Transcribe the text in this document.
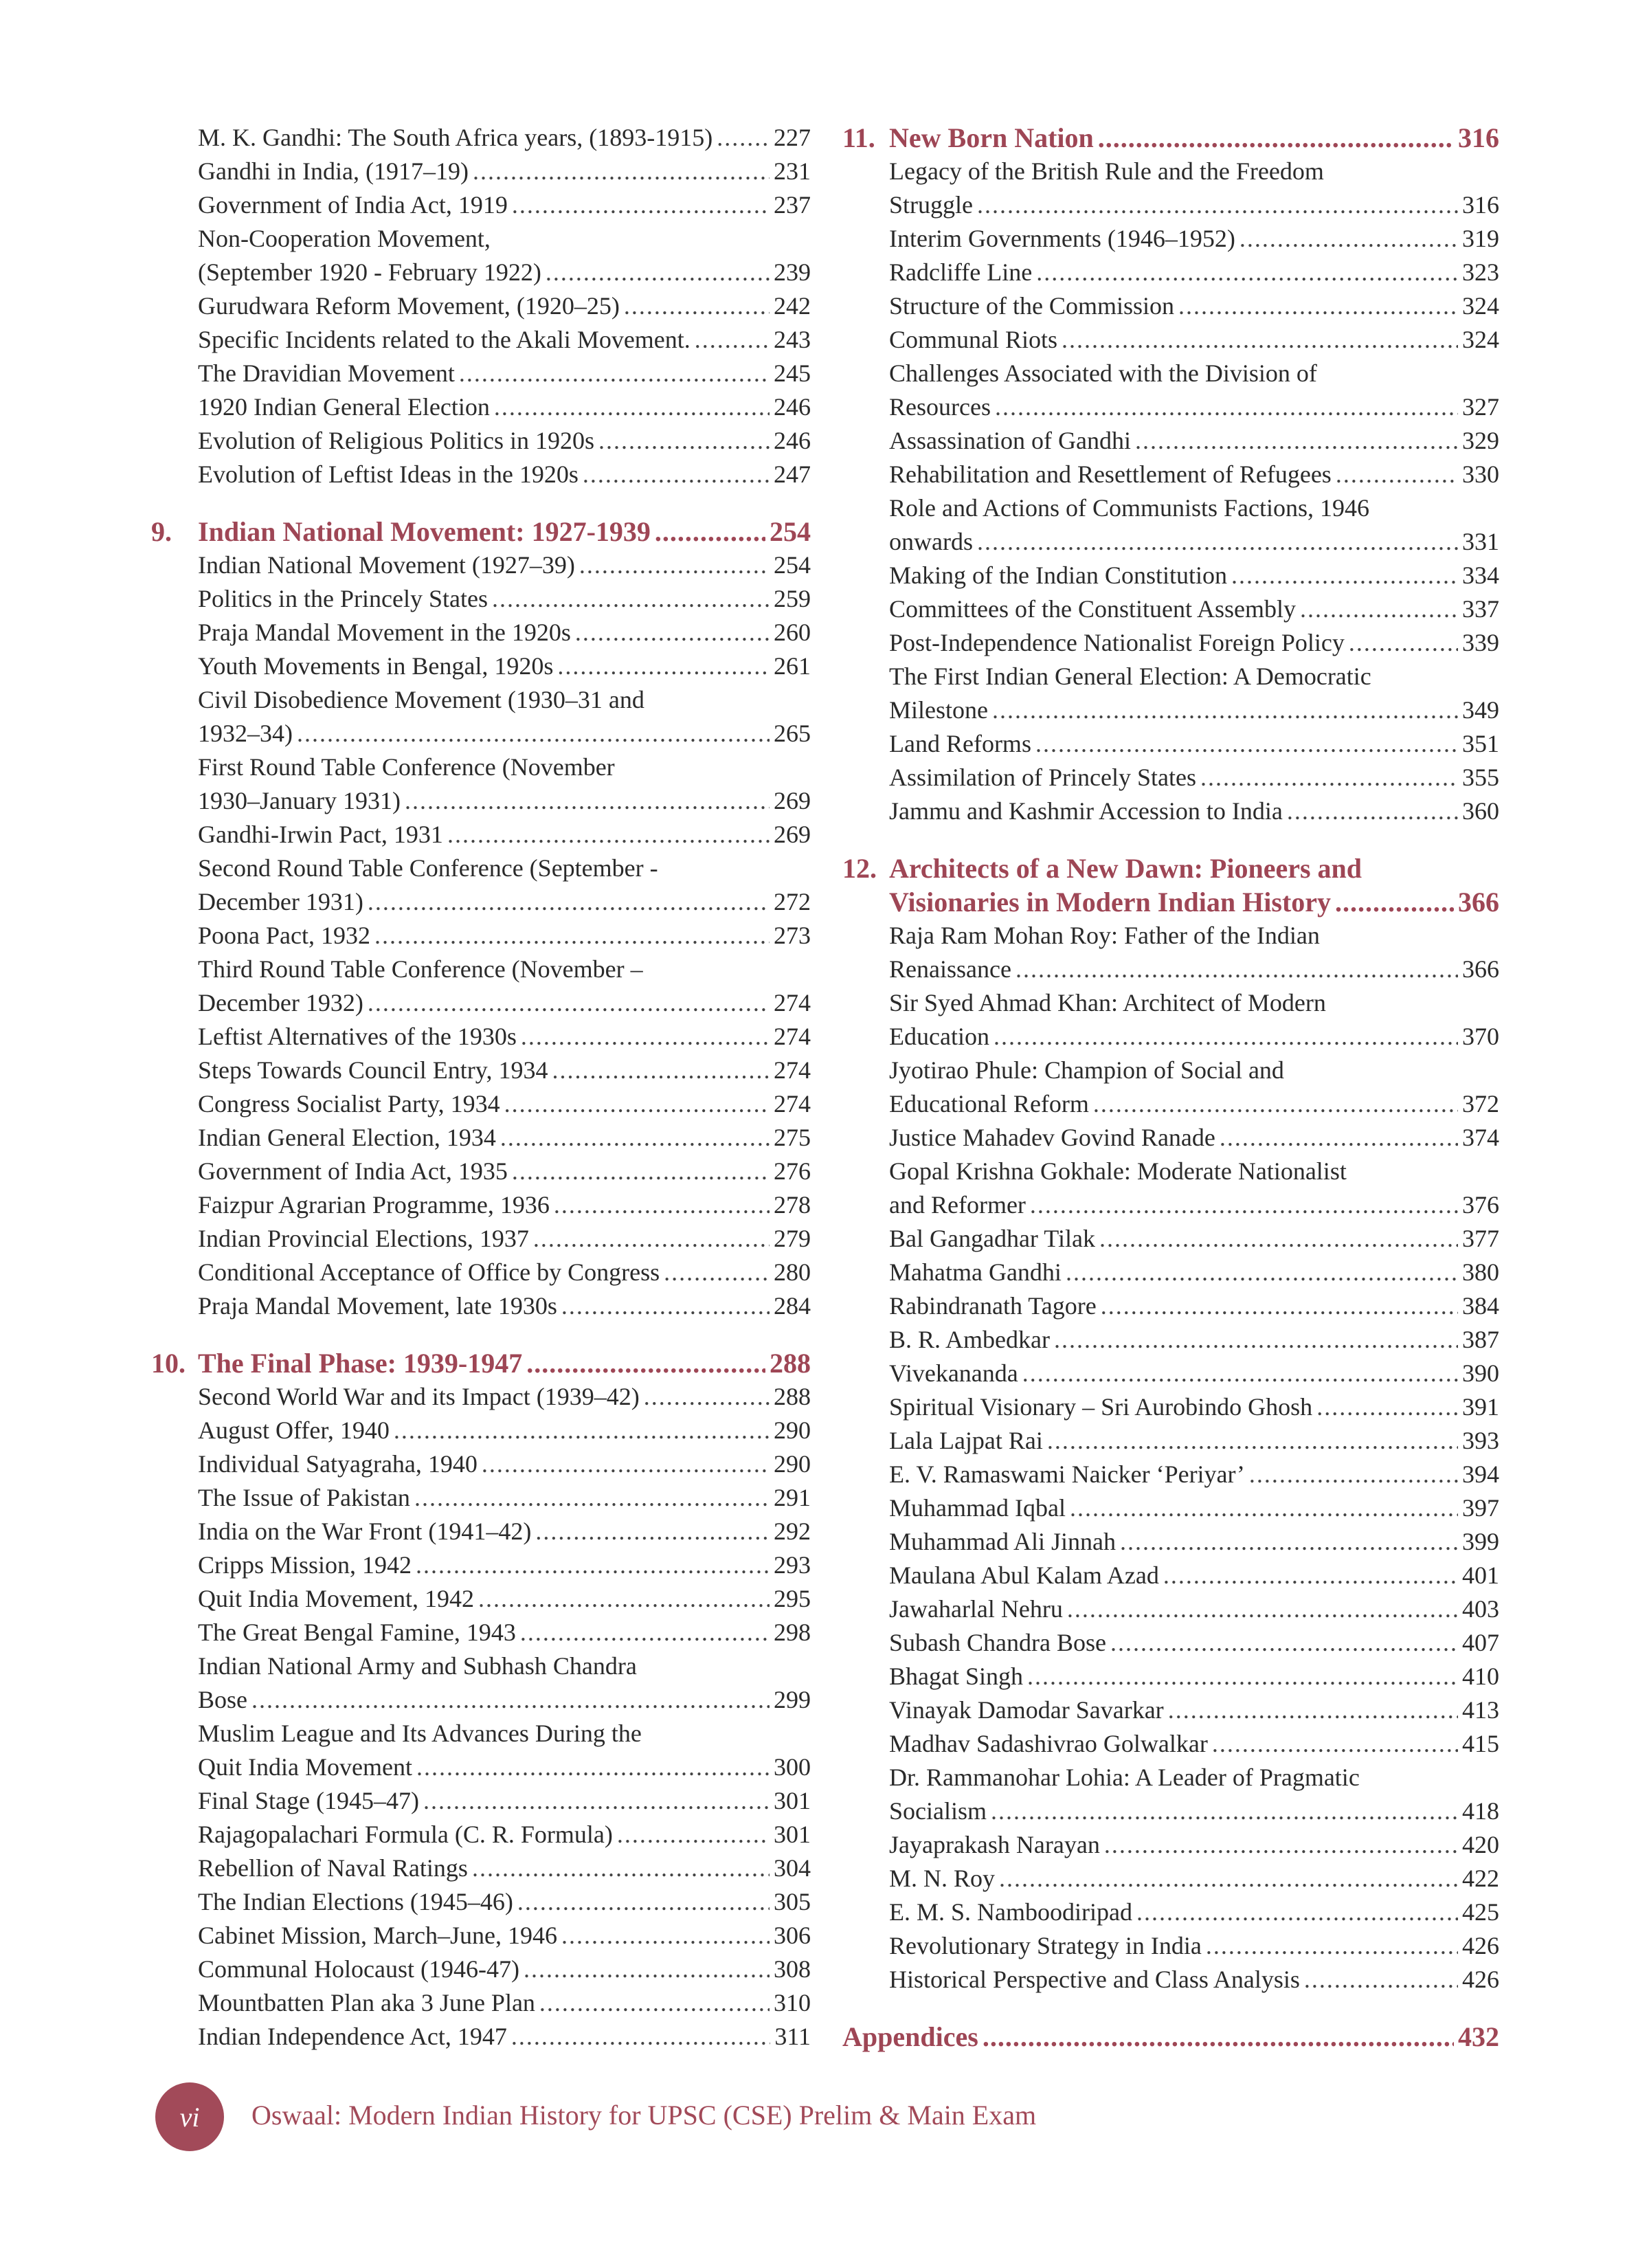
M. K. Gandhi: The South Africa years, (1893-1915) ..... 227
Gandhi in India, (1917–19) .....	231
Government of India Act, 1919 .....	237
Non-Cooperation Movement,
(September 1920 - February 1922) .....	239
Gurudwara Reform Movement, (1920–25) .....	242
Specific Incidents related to the Akali Movement. .....	243
The Dravidian Movement .....	245
1920 Indian General Election .....	246
Evolution of Religious Politics in 1920s .....	246
Evolution of Leftist Ideas in the 1920s .....	247
9. Indian National Movement: 1927-1939 .....	254
Indian National Movement (1927–39) .....	254
Politics in the Princely States .....	259
Praja Mandal Movement in the 1920s .....	260
Youth Movements in Bengal, 1920s .....	261
Civil Disobedience Movement (1930–31 and
1932–34) .....	265
First Round Table Conference (November
1930–January 1931) .....	269
Gandhi-Irwin Pact, 1931 .....	269
Second Round Table Conference (September -
December 1931) .....	272
Poona Pact, 1932 .....	273
Third Round Table Conference (November –
December 1932) .....	274
Leftist Alternatives of the 1930s .....	274
Steps Towards Council Entry, 1934 .....	274
Congress Socialist Party, 1934 .....	274
Indian General Election, 1934 .....	275
Government of India Act, 1935 .....	276
Faizpur Agrarian Programme, 1936 .....	278
Indian Provincial Elections, 1937 .....	279
Conditional Acceptance of Office by Congress .....	280
Praja Mandal Movement, late 1930s .....	284
10. The Final Phase: 1939-1947 .....	288
Second World War and its Impact (1939–42) .....	288
August Offer, 1940 .....	290
Individual Satyagraha, 1940 .....	290
The Issue of Pakistan .....	291
India on the War Front (1941–42) .....	292
Cripps Mission, 1942 .....	293
Quit India Movement, 1942 .....	295
The Great Bengal Famine, 1943 .....	298
Indian National Army and Subhash Chandra
Bose .....	299
Muslim League and Its Advances During the
Quit India Movement .....	300
Final Stage (1945–47) .....	301
Rajagopalachari Formula (C. R. Formula) .....	301
Rebellion of Naval Ratings .....	304
The Indian Elections (1945–46) .....	305
Cabinet Mission, March–June, 1946 .....	306
Communal Holocaust (1946-47) .....	308
Mountbatten Plan aka 3 June Plan .....	310
Indian Independence Act, 1947 .....	311
11. New Born Nation .....	316
Legacy of the British Rule and the Freedom
Struggle .....	316
Interim Governments (1946–1952) .....	319
Radcliffe Line .....	323
Structure of the Commission .....	324
Communal Riots .....	324
Challenges Associated with the Division of
Resources .....	327
Assassination of Gandhi .....	329
Rehabilitation and Resettlement of Refugees .....	330
Role and Actions of Communists Factions, 1946
onwards .....	331
Making of the Indian Constitution .....	334
Committees of the Constituent Assembly .....	337
Post-Independence Nationalist Foreign Policy .....	339
The First Indian General Election: A Democratic
Milestone .....	349
Land Reforms .....	351
Assimilation of Princely States .....	355
Jammu and Kashmir Accession to India .....	360
12. Architects of a New Dawn: Pioneers and
Visionaries in Modern Indian History .....	366
Raja Ram Mohan Roy: Father of the Indian
Renaissance .....	366
Sir Syed Ahmad Khan: Architect of Modern
Education .....	370
Jyotirao Phule: Champion of Social and
Educational Reform .....	372
Justice Mahadev Govind Ranade .....	374
Gopal Krishna Gokhale: Moderate Nationalist
and Reformer .....	376
Bal Gangadhar Tilak .....	377
Mahatma Gandhi .....	380
Rabindranath Tagore .....	384
B. R. Ambedkar .....	387
Vivekananda .....	390
Spiritual Visionary – Sri Aurobindo Ghosh .....	391
Lala Lajpat Rai .....	393
E. V. Ramaswami Naicker ‘Periyar’ .....	394
Muhammad Iqbal .....	397
Muhammad Ali Jinnah .....	399
Maulana Abul Kalam Azad .....	401
Jawaharlal Nehru .....	403
Subash Chandra Bose .....	407
Bhagat Singh .....	410
Vinayak Damodar Savarkar .....	413
Madhav Sadashivrao Golwalkar .....	415
Dr. Rammanohar Lohia: A Leader of Pragmatic
Socialism .....	418
Jayaprakash Narayan .....	420
M. N. Roy .....	422
E. M. S. Namboodiripad .....	425
Revolutionary Strategy in India .....	426
Historical Perspective and Class Analysis .....	426
Appendices .....	432
vi	Oswaal: Modern Indian History for UPSC (CSE) Prelim & Main Exam
